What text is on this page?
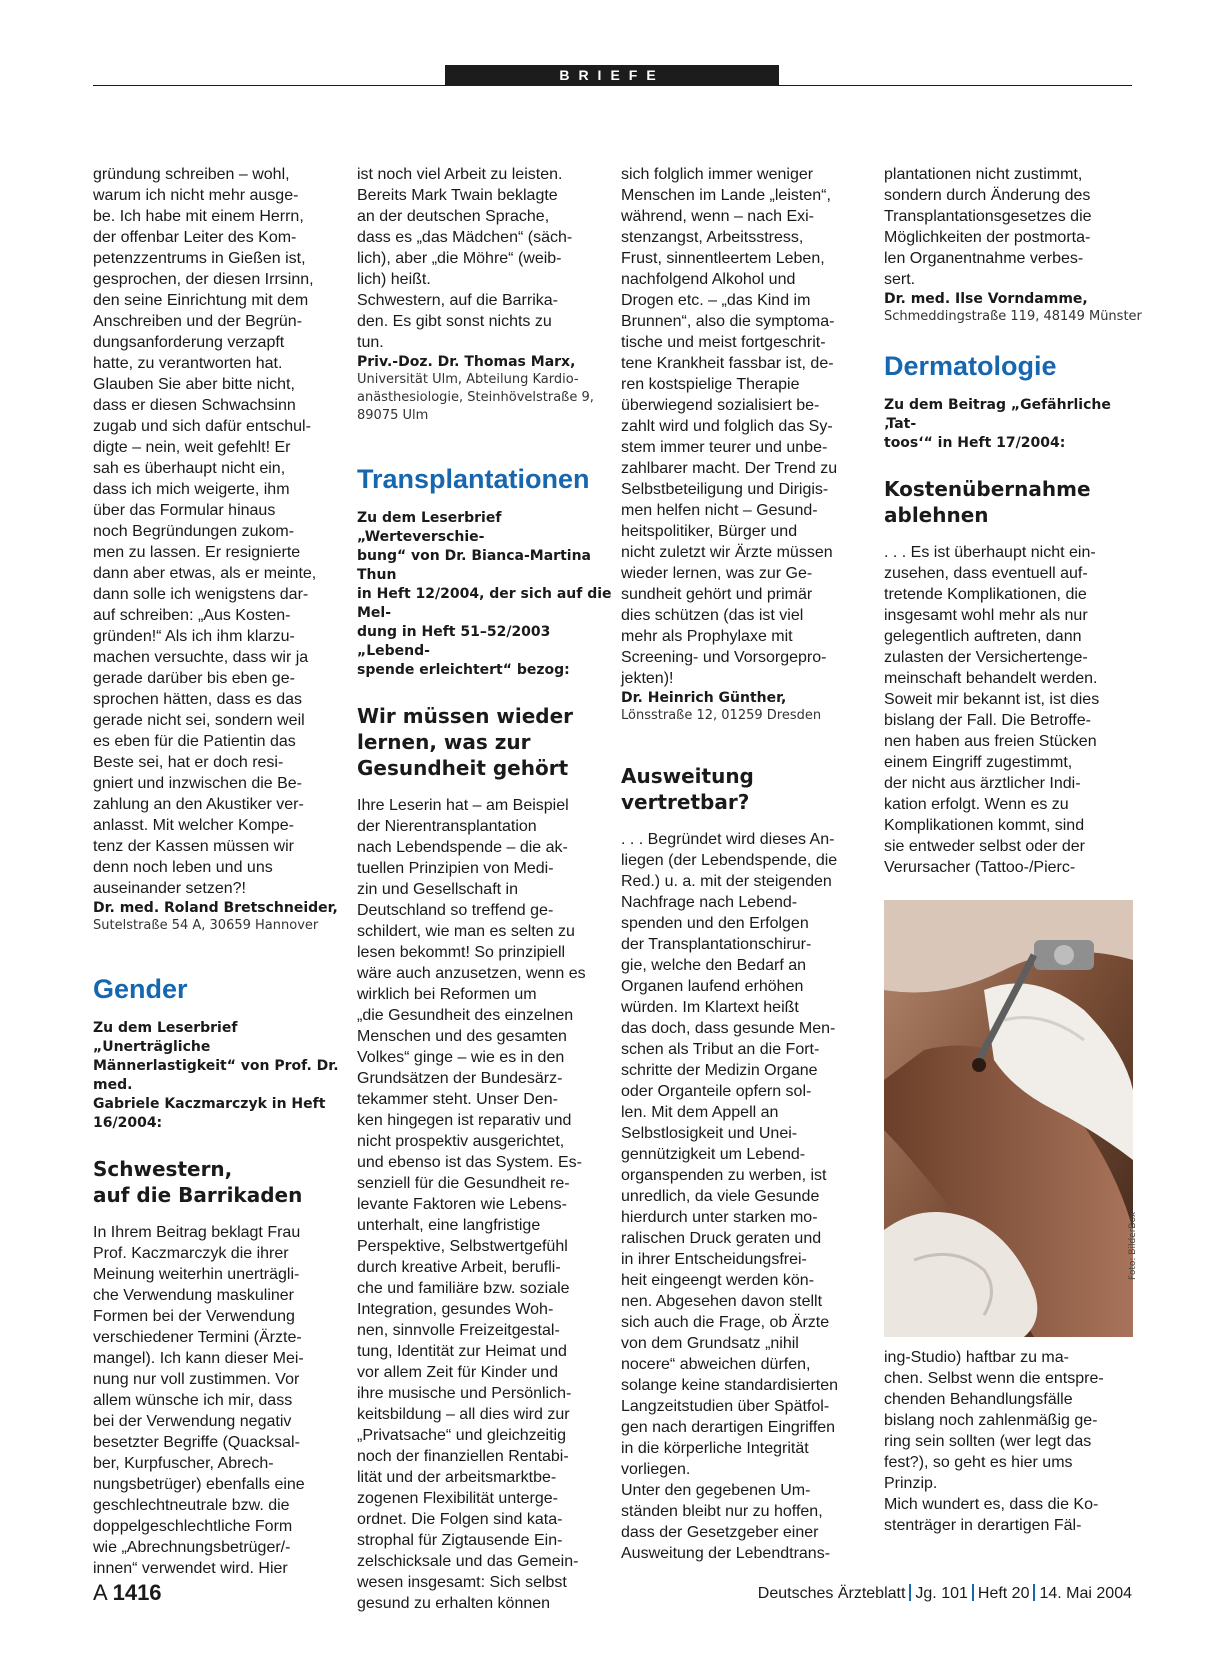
BRIEFE

gründung schreiben – wohl,
warum ich nicht mehr ausge-
be. Ich habe mit einem Herrn,
der offenbar Leiter des Kom-
petenzzentrums in Gießen ist,
gesprochen, der diesen Irrsinn,
den seine Einrichtung mit dem
Anschreiben und der Begrün-
dungsanforderung verzapft
hatte, zu verantworten hat.
Glauben Sie aber bitte nicht,
dass er diesen Schwachsinn
zugab und sich dafür entschul-
digte – nein, weit gefehlt! Er
sah es überhaupt nicht ein,
dass ich mich weigerte, ihm
über das Formular hinaus
noch Begründungen zukom-
men zu lassen. Er resignierte
dann aber etwas, als er meinte,
dann solle ich wenigstens dar-
auf schreiben: „Aus Kosten-
gründen!“ Als ich ihm klarzu-
machen versuchte, dass wir ja
gerade darüber bis eben ge-
sprochen hätten, dass es das
gerade nicht sei, sondern weil
es eben für die Patientin das
Beste sei, hat er doch resi-
gniert und inzwischen die Be-
zahlung an den Akustiker ver-
anlasst. Mit welcher Kompe-
tenz der Kassen müssen wir
denn noch leben und uns
auseinander setzen?!

Dr. med. Roland Bretschneider,
Sutelstraße 54 A, 30659 Hannover
Gender
Zu dem Leserbrief „Unerträgliche
Männerlastigkeit“ von Prof. Dr. med.
Gabriele Kaczmarczyk in Heft
16/2004:
Schwestern,
auf die Barrikaden

In Ihrem Beitrag beklagt Frau
Prof. Kaczmarczyk die ihrer
Meinung weiterhin unerträgli-
che Verwendung maskuliner
Formen bei der Verwendung
verschiedener Termini (Ärzte-
mangel). Ich kann dieser Mei-
nung nur voll zustimmen. Vor
allem wünsche ich mir, dass
bei der Verwendung negativ
besetzter Begriffe (Quacksal-
ber, Kurpfuscher, Abrech-
nungsbetrüger) ebenfalls eine
geschlechtneutrale bzw. die
doppelgeschlechtliche Form
wie „Abrechnungsbetrüger/-
innen“ verwendet wird. Hier

ist noch viel Arbeit zu leisten.
Bereits Mark Twain beklagte
an der deutschen Sprache,
dass es „das Mädchen“ (säch-
lich), aber „die Möhre“ (weib-
lich) heißt.
Schwestern, auf die Barrika-
den. Es gibt sonst nichts zu
tun.

Priv.-Doz. Dr. Thomas Marx,
Universität Ulm, Abteilung Kardio-
anästhesiologie, Steinhövelstraße 9,
89075 Ulm
Transplantationen
Zu dem Leserbrief „Werteverschie-
bung“ von Dr. Bianca-Martina Thun
in Heft 12/2004, der sich auf die Mel-
dung in Heft 51–52/2003 „Lebend-
spende erleichtert“ bezog:
Wir müssen wieder
lernen, was zur
Gesundheit gehört

Ihre Leserin hat – am Beispiel
der Nierentransplantation
nach Lebendspende – die ak-
tuellen Prinzipien von Medi-
zin und Gesellschaft in
Deutschland so treffend ge-
schildert, wie man es selten zu
lesen bekommt! So prinzipiell
wäre auch anzusetzen, wenn es
wirklich bei Reformen um
„die Gesundheit des einzelnen
Menschen und des gesamten
Volkes“ ginge – wie es in den
Grundsätzen der Bundesärz-
tekammer steht. Unser Den-
ken hingegen ist reparativ und
nicht prospektiv ausgerichtet,
und ebenso ist das System. Es-
senziell für die Gesundheit re-
levante Faktoren wie Lebens-
unterhalt, eine langfristige
Perspektive, Selbstwertgefühl
durch kreative Arbeit, berufli-
che und familiäre bzw. soziale
Integration, gesundes Woh-
nen, sinnvolle Freizeitgestal-
tung, Identität zur Heimat und
vor allem Zeit für Kinder und
ihre musische und Persönlich-
keitsbildung – all dies wird zur
„Privatsache“ und gleichzeitig
noch der finanziellen Rentabi-
lität und der arbeitsmarktbe-
zogenen Flexibilität unterge-
ordnet. Die Folgen sind kata-
strophal für Zigtausende Ein-
zelschicksale und das Gemein-
wesen insgesamt: Sich selbst
gesund zu erhalten können

sich folglich immer weniger
Menschen im Lande „leisten“,
während, wenn – nach Exi-
stenzangst, Arbeitsstress,
Frust, sinnentleertem Leben,
nachfolgend Alkohol und
Drogen etc. – „das Kind im
Brunnen“, also die symptoma-
tische und meist fortgeschrit-
tene Krankheit fassbar ist, de-
ren kostspielige Therapie
überwiegend sozialisiert be-
zahlt wird und folglich das Sy-
stem immer teurer und unbe-
zahlbarer macht. Der Trend zu
Selbstbeteiligung und Dirigis-
men helfen nicht – Gesund-
heitspolitiker, Bürger und
nicht zuletzt wir Ärzte müssen
wieder lernen, was zur Ge-
sundheit gehört und primär
dies schützen (das ist viel
mehr als Prophylaxe mit
Screening- und Vorsorgepro-
jekten)!

Dr. Heinrich Günther,
Lönsstraße 12, 01259 Dresden
Ausweitung vertretbar?

. . . Begründet wird dieses An-
liegen (der Lebendspende, die
Red.) u. a. mit der steigenden
Nachfrage nach Lebend-
spenden und den Erfolgen
der Transplantationschirur-
gie, welche den Bedarf an
Organen laufend erhöhen
würden. Im Klartext heißt
das doch, dass gesunde Men-
schen als Tribut an die Fort-
schritte der Medizin Organe
oder Organteile opfern sol-
len. Mit dem Appell an
Selbstlosigkeit und Unei-
gennützigkeit um Lebend-
organspenden zu werben, ist
unredlich, da viele Gesunde
hierdurch unter starken mo-
ralischen Druck geraten und
in ihrer Entscheidungsfrei-
heit eingeengt werden kön-
nen. Abgesehen davon stellt
sich auch die Frage, ob Ärzte
von dem Grundsatz „nihil
nocere“ abweichen dürfen,
solange keine standardisierten
Langzeitstudien über Spätfol-
gen nach derartigen Eingriffen
in die körperliche Integrität
vorliegen.
Unter den gegebenen Um-
ständen bleibt nur zu hoffen,
dass der Gesetzgeber einer
Ausweitung der Lebendtrans-

plantationen nicht zustimmt,
sondern durch Änderung des
Transplantationsgesetzes die
Möglichkeiten der postmorta-
len Organentnahme verbes-
sert.

Dr. med. Ilse Vorndamme,
Schmeddingstraße 119, 48149 Münster
Dermatologie
Zu dem Beitrag „Gefährliche ‚Tat-
toos‘“ in Heft 17/2004:
Kostenübernahme
ablehnen

. . . Es ist überhaupt nicht ein-
zusehen, dass eventuell auf-
tretende Komplikationen, die
insgesamt wohl mehr als nur
gelegentlich auftreten, dann
zulasten der Versichertenge-
meinschaft behandelt werden.
Soweit mir bekannt ist, ist dies
bislang der Fall. Die Betroffe-
nen haben aus freien Stücken
einem Eingriff zugestimmt,
der nicht aus ärztlicher Indi-
kation erfolgt. Wenn es zu
Komplikationen kommt, sind
sie entweder selbst oder der
Verursacher (Tattoo-/Pierc-

ing-Studio) haftbar zu ma-
chen. Selbst wenn die entspre-
chenden Behandlungsfälle
bislang noch zahlenmäßig ge-
ring sein sollten (wer legt das
fest?), so geht es hier ums
Prinzip.
Mich wundert es, dass die Ko-
stenträger in derartigen Fäl-

Foto: BilderBox
A 1416	Deutsches Ärzteblatt Jg. 101 Heft 20 14. Mai 2004
